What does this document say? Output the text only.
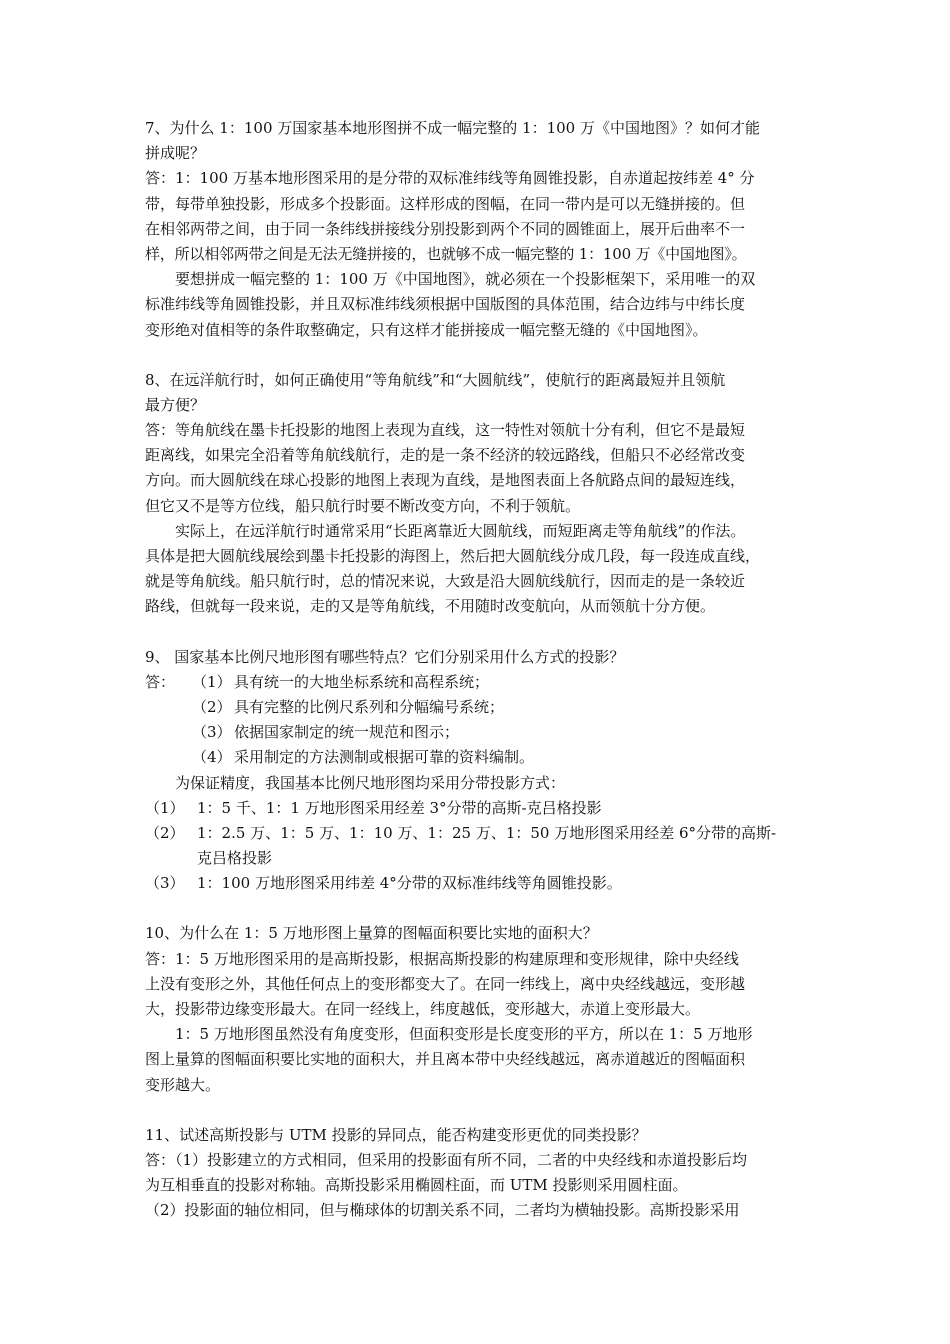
7、为什么 1：100 万国家基本地形图拼不成一幅完整的 1：100 万《中国地图》？如何才能
拼成呢？
答：1：100 万基本地形图采用的是分带的双标准纬线等角圆锥投影，自赤道起按纬差 4° 分
带，每带单独投影，形成多个投影面。这样形成的图幅，在同一带内是可以无缝拼接的。但
在相邻两带之间，由于同一条纬线拼接线分别投影到两个不同的圆锥面上，展开后曲率不一
样，所以相邻两带之间是无法无缝拼接的，也就够不成一幅完整的 1：100 万《中国地图》。
要想拼成一幅完整的 1：100 万《中国地图》，就必须在一个投影框架下，采用唯一的双
标准纬线等角圆锥投影，并且双标准纬线须根据中国版图的具体范围，结合边纬与中纬长度
变形绝对值相等的条件取整确定，只有这样才能拼接成一幅完整无缝的《中国地图》。
8、在远洋航行时，如何正确使用“等角航线”和“大圆航线”，使航行的距离最短并且领航
最方便？
答：等角航线在墨卡托投影的地图上表现为直线，这一特性对领航十分有利，但它不是最短
距离线，如果完全沿着等角航线航行，走的是一条不经济的较远路线，但船只不必经常改变
方向。而大圆航线在球心投影的地图上表现为直线，是地图表面上各航路点间的最短连线，
但它又不是等方位线，船只航行时要不断改变方向，不利于领航。
实际上，在远洋航行时通常采用“长距离靠近大圆航线，而短距离走等角航线”的作法。
具体是把大圆航线展绘到墨卡托投影的海图上，然后把大圆航线分成几段，每一段连成直线，
就是等角航线。船只航行时，总的情况来说，大致是沿大圆航线航行，因而走的是一条较近
路线，但就每一段来说，走的又是等角航线，不用随时改变航向，从而领航十分方便。
9、 国家基本比例尺地形图有哪些特点？它们分别采用什么方式的投影？
答：	（1） 具有统一的大地坐标系统和高程系统；
（2） 具有完整的比例尺系列和分幅编号系统；
（3） 依据国家制定的统一规范和图示；
（4） 采用制定的方法测制或根据可靠的资料编制。
为保证精度，我国基本比例尺地形图均采用分带投影方式：
（1） 1：5 千、1：1 万地形图采用经差 3°分带的高斯-克吕格投影
（2） 1：2.5 万、1：5 万、1：10 万、1：25 万、1：50 万地形图采用经差 6°分带的高斯-
克吕格投影
（3） 1：100 万地形图采用纬差 4°分带的双标准纬线等角圆锥投影。
10、为什么在 1：5 万地形图上量算的图幅面积要比实地的面积大？
答：1：5 万地形图采用的是高斯投影，根据高斯投影的构建原理和变形规律，除中央经线
上没有变形之外，其他任何点上的变形都变大了。在同一纬线上，离中央经线越远，变形越
大，投影带边缘变形最大。在同一经线上，纬度越低，变形越大，赤道上变形最大。
1：5 万地形图虽然没有角度变形，但面积变形是长度变形的平方，所以在 1：5 万地形
图上量算的图幅面积要比实地的面积大，并且离本带中央经线越远，离赤道越近的图幅面积
变形越大。
11、试述高斯投影与 UTM 投影的异同点，能否构建变形更优的同类投影？
答：（1）投影建立的方式相同，但采用的投影面有所不同，二者的中央经线和赤道投影后均
为互相垂直的投影对称轴。高斯投影采用椭圆柱面，而 UTM 投影则采用圆柱面。
（2）投影面的轴位相同，但与椭球体的切割关系不同，二者均为横轴投影。高斯投影采用
